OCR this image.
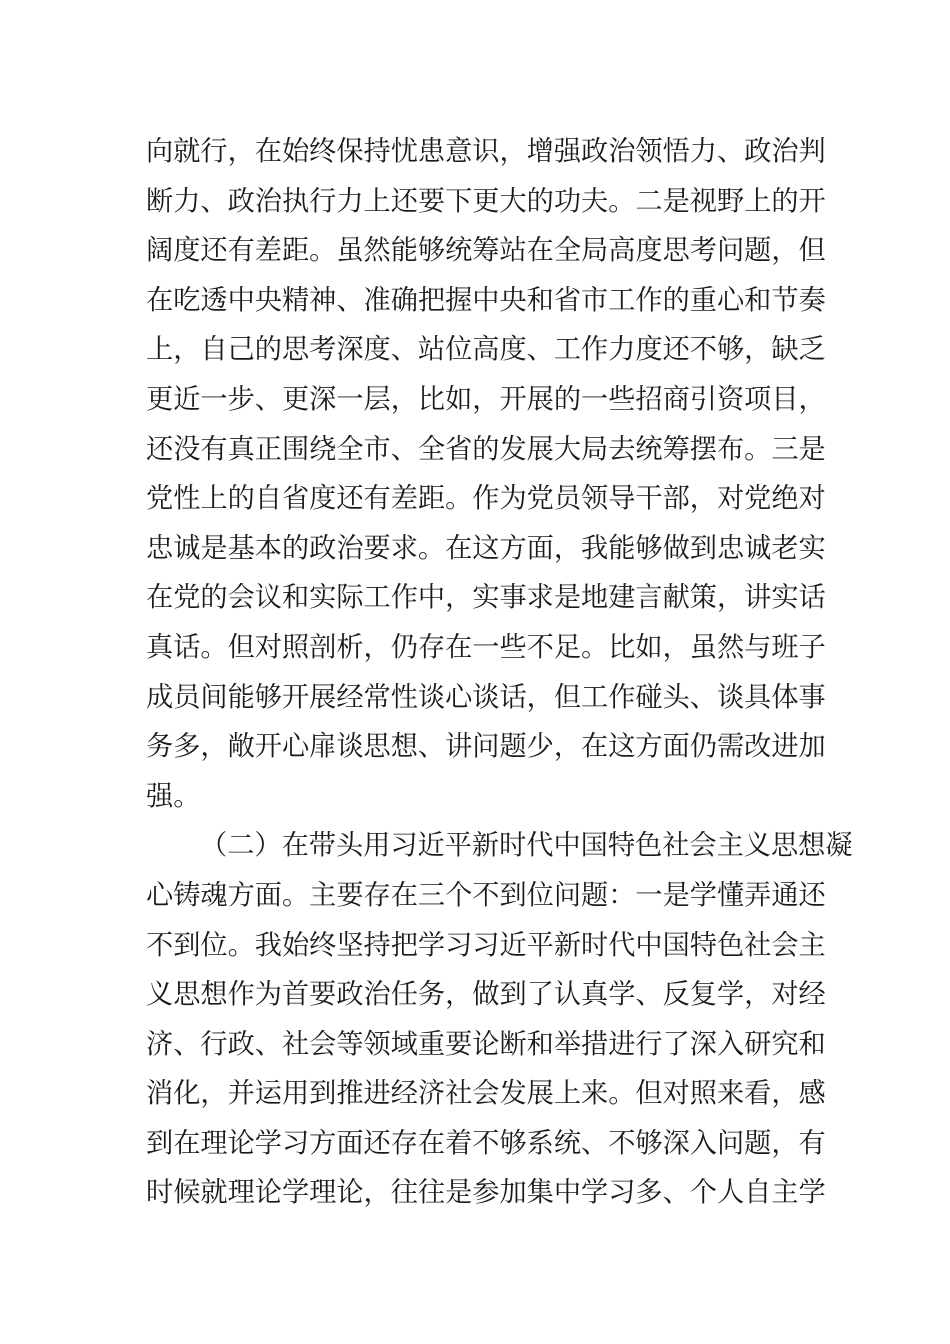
向就行，在始终保持忧患意识，增强政治领悟力、政治判
断力、政治执行力上还要下更大的功夫。二是视野上的开
阔度还有差距。虽然能够统筹站在全局高度思考问题，但
在吃透中央精神、准确把握中央和省市工作的重心和节奏
上，自己的思考深度、站位高度、工作力度还不够，缺乏
更近一步、更深一层，比如，开展的一些招商引资项目，
还没有真正围绕全市、全省的发展大局去统筹摆布。三是
党性上的自省度还有差距。作为党员领导干部，对党绝对
忠诚是基本的政治要求。在这方面，我能够做到忠诚老实
在党的会议和实际工作中，实事求是地建言献策，讲实话
真话。但对照剖析，仍存在一些不足。比如，虽然与班子
成员间能够开展经常性谈心谈话，但工作碰头、谈具体事
务多，敞开心扉谈思想、讲问题少，在这方面仍需改进加
强。
（二）在带头用习近平新时代中国特色社会主义思想凝
心铸魂方面。主要存在三个不到位问题：一是学懂弄通还
不到位。我始终坚持把学习习近平新时代中国特色社会主
义思想作为首要政治任务，做到了认真学、反复学，对经
济、行政、社会等领域重要论断和举措进行了深入研究和
消化，并运用到推进经济社会发展上来。但对照来看，感
到在理论学习方面还存在着不够系统、不够深入问题，有
时候就理论学理论，往往是参加集中学习多、个人自主学
